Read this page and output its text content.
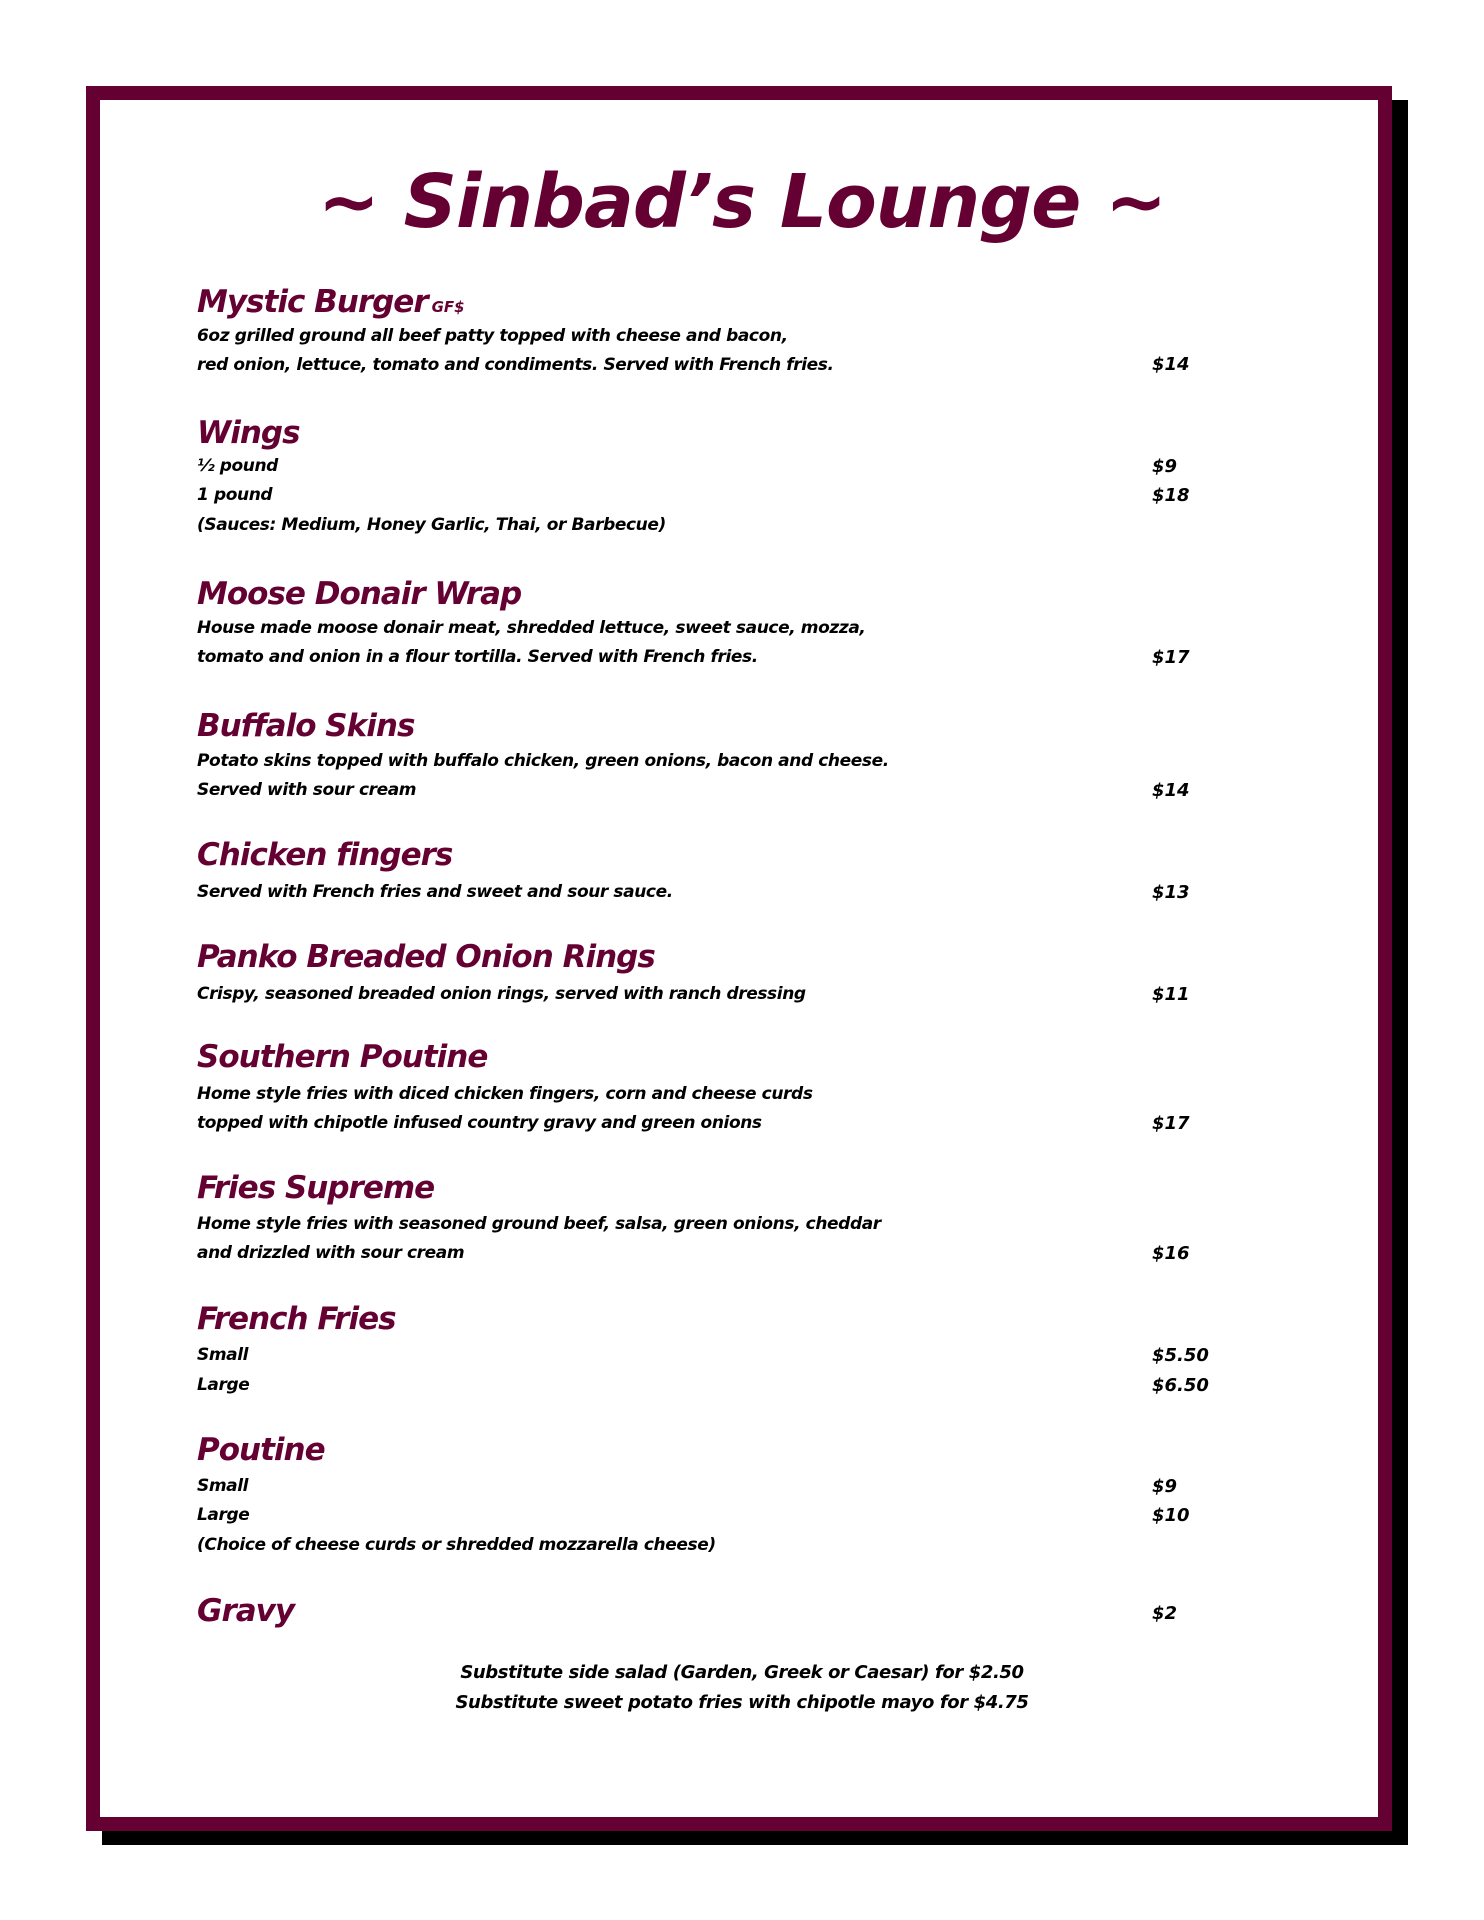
~ Sinbad’s Lounge ~
Mystic Burger GF$
6oz grilled ground all beef patty topped with cheese and bacon,
red onion, lettuce, tomato and condiments. Served with French fries.	$14
Wings
½ pound	$9
1 pound	$18
(Sauces: Medium, Honey Garlic, Thai, or Barbecue)
Moose Donair Wrap
House made moose donair meat, shredded lettuce, sweet sauce, mozza,
tomato and onion in a flour tortilla. Served with French fries.	$17
Buffalo Skins
Potato skins topped with buffalo chicken, green onions, bacon and cheese.
Served with sour cream	$14
Chicken fingers
Served with French fries and sweet and sour sauce.	$13
Panko Breaded Onion Rings
Crispy, seasoned breaded onion rings, served with ranch dressing	$11
Southern Poutine
Home style fries with diced chicken fingers, corn and cheese curds
topped with chipotle infused country gravy and green onions	$17
Fries Supreme
Home style fries with seasoned ground beef, salsa, green onions, cheddar
and drizzled with sour cream	$16
French Fries
Small	$5.50
Large	$6.50
Poutine
Small	$9
Large	$10
(Choice of cheese curds or shredded mozzarella cheese)
Gravy	$2
Substitute side salad (Garden, Greek or Caesar) for $2.50
Substitute sweet potato fries with chipotle mayo for $4.75
